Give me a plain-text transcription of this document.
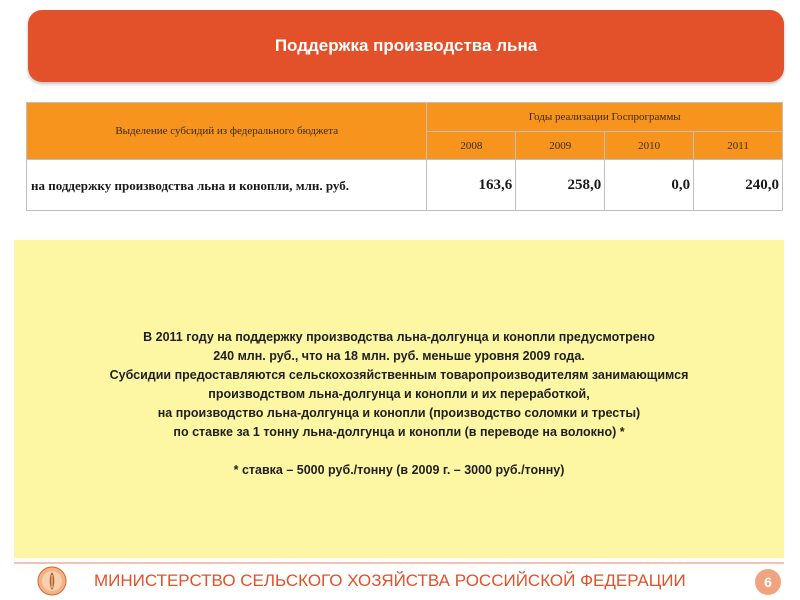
Поддержка производства льна
Выделение субсидий из федерального бюджета	Годы реализации Госпрограммы			
	2008	2009	2010	2011
на поддержку производства льна и конопли, млн. руб.	163,6	258,0	0,0	240,0
В 2011 году на поддержку производства льна-долгунца и конопли предусмотрено
240 млн. руб., что на 18 млн. руб. меньше уровня 2009 года.
Субсидии предоставляются сельскохозяйственным товаропроизводителям занимающимся
производством льна-долгунца и конопли и их переработкой,
на производство льна-долгунца и конопли (производство соломки и тресты)
по ставке за 1 тонну льна-долгунца и конопли (в переводе на волокно) *
* ставка – 5000 руб./тонну (в 2009 г. – 3000 руб./тонну)
МИНИСТЕРСТВО СЕЛЬСКОГО ХОЗЯЙСТВА РОССИЙСКОЙ ФЕДЕРАЦИИ	6
